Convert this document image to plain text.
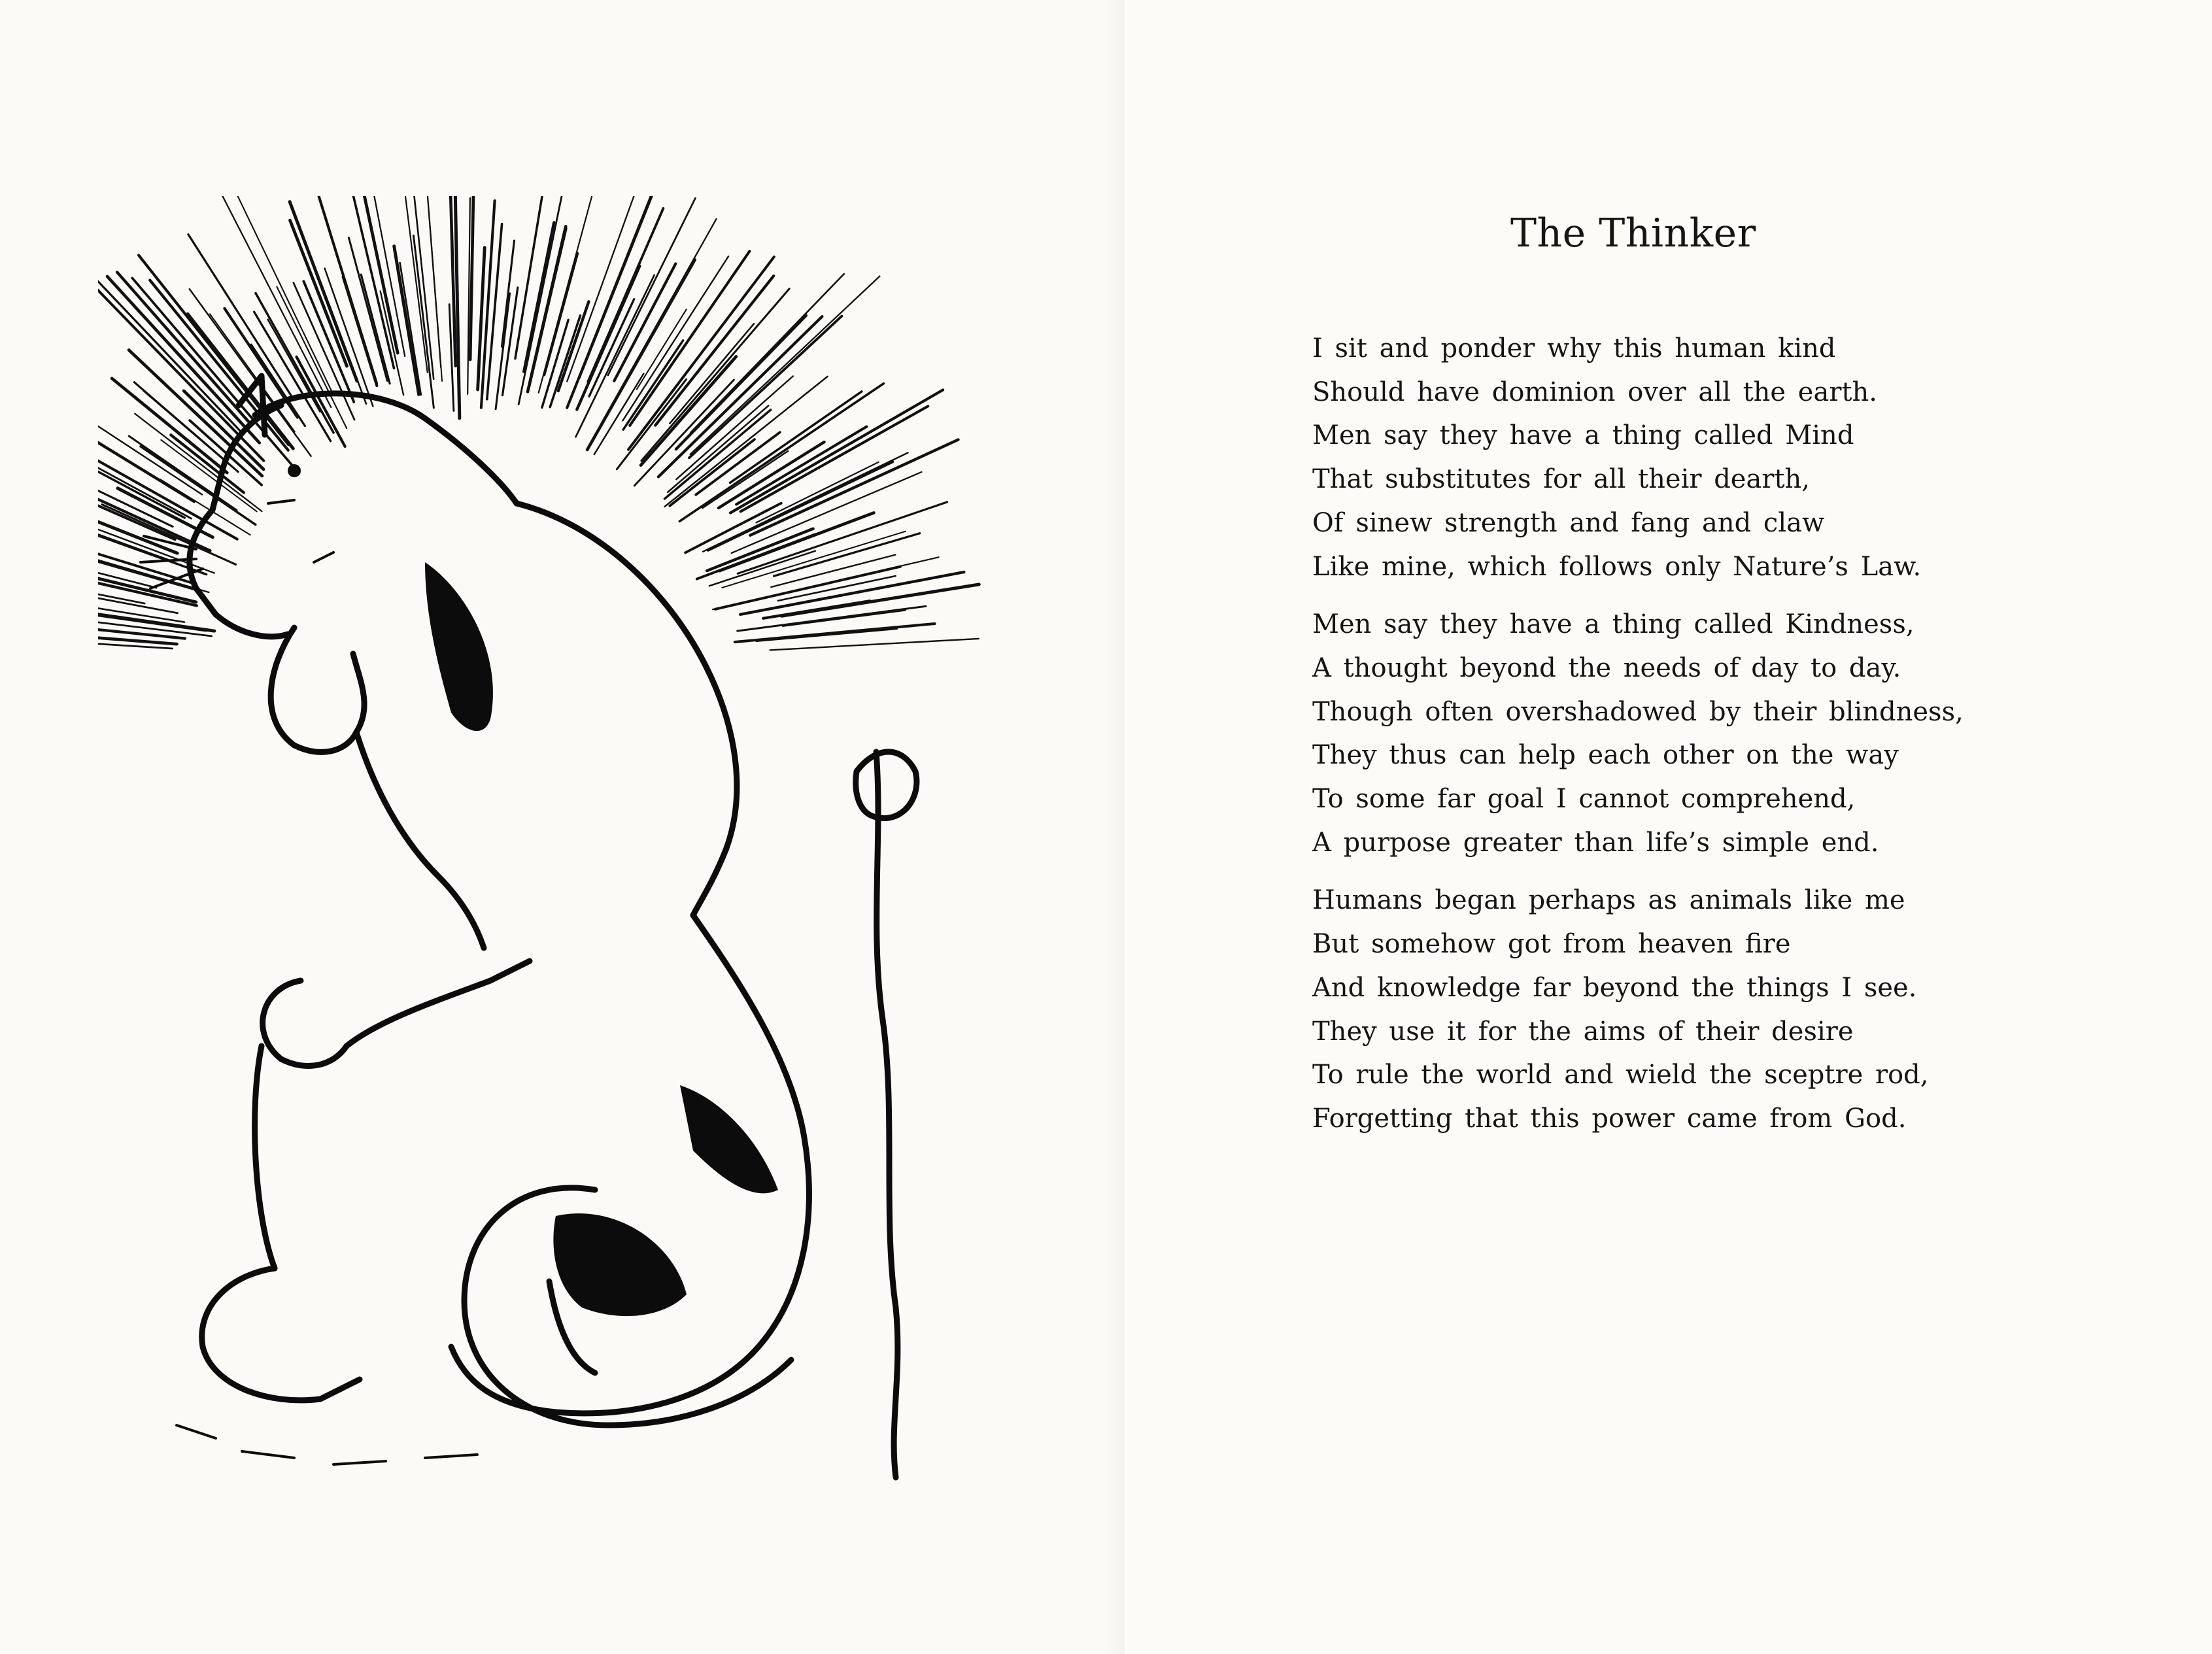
The Thinker

I sit and ponder why this human kind
Should have dominion over all the earth.
Men say they have a thing called Mind
That substitutes for all their dearth,
Of sinew strength and fang and claw
Like mine, which follows only Nature’s Law.

Men say they have a thing called Kindness,
A thought beyond the needs of day to day.
Though often overshadowed by their blindness,
They thus can help each other on the way
To some far goal I cannot comprehend,
A purpose greater than life’s simple end.

Humans began perhaps as animals like me
But somehow got from heaven fire
And knowledge far beyond the things I see.
They use it for the aims of their desire
To rule the world and wield the sceptre rod,
Forgetting that this power came from God.
